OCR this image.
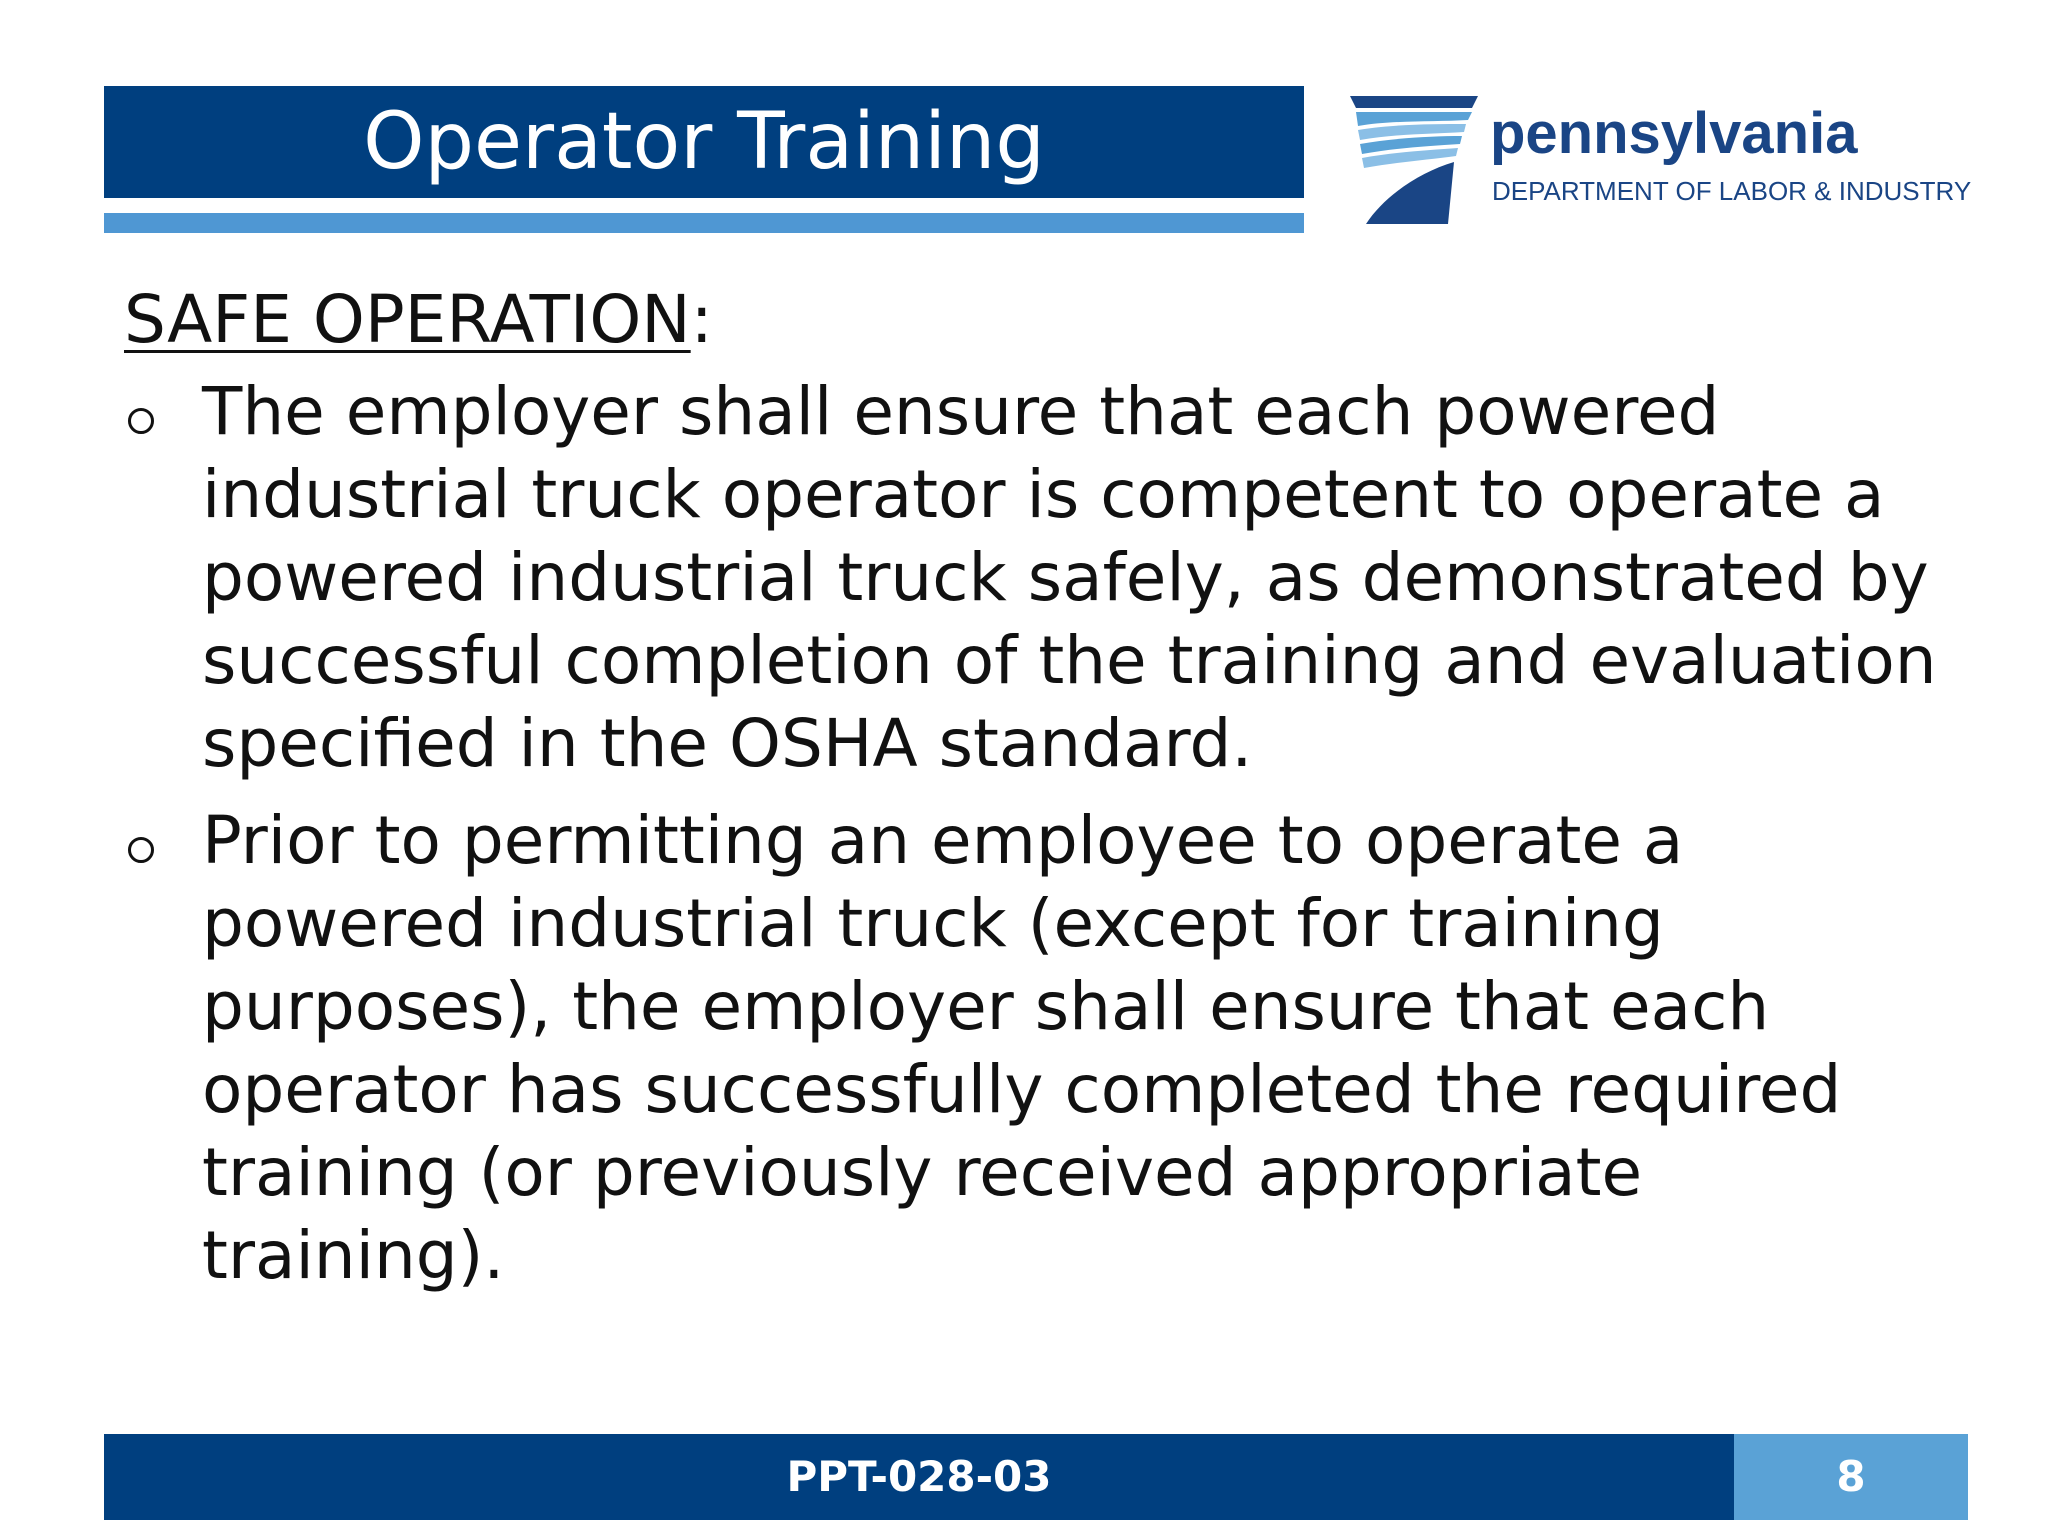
Operator Training	pennsylvania
DEPARTMENT OF LABOR & INDUSTRY
SAFE OPERATION:
The employer shall ensure that each powered industrial truck operator is competent to operate a powered industrial truck safely, as demonstrated by successful completion of the training and evaluation specified in the OSHA standard.
Prior to permitting an employee to operate a powered industrial truck (except for training purposes), the employer shall ensure that each operator has successfully completed the required training (or previously received appropriate training).
PPT-028-03	8
